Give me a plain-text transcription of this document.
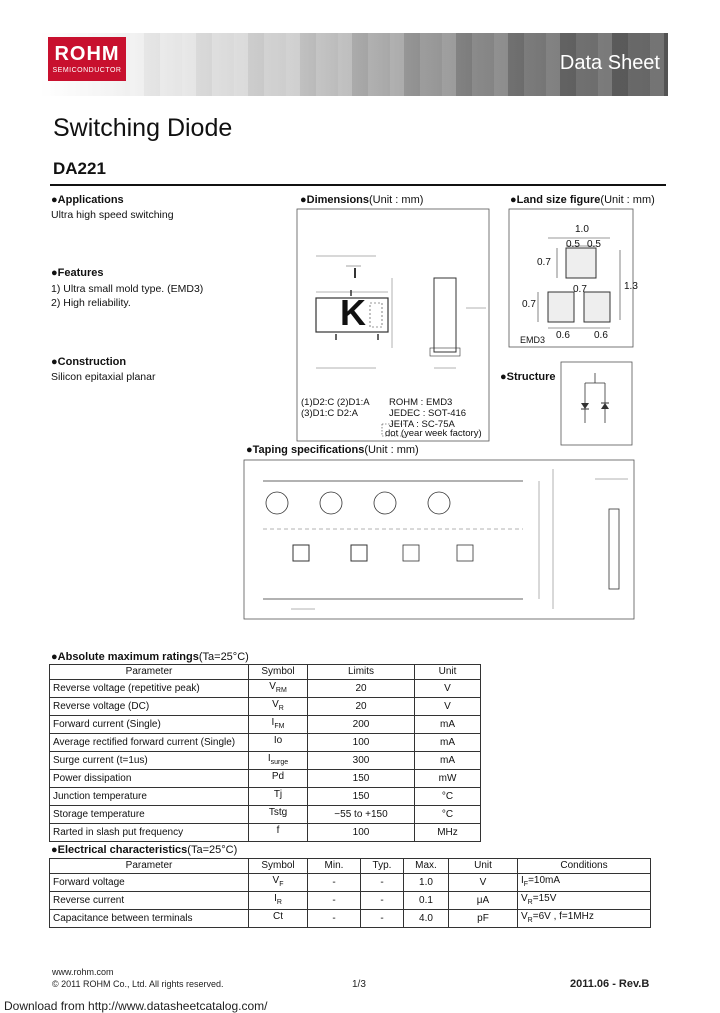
ROHM
SEMICONDUCTOR	Data Sheet
Switching Diode
DA221
●Applications
Ultra high speed switching
●Features
1) Ultra small mold type. (EMD3)
2) High reliability.
●Construction
Silicon epitaxial planar
●Dimensions(Unit : mm)
K
(1)D2:C (2)D1:A
(3)D1:C D2:A
ROHM : EMD3
JEDEC : SOT-416
JEITA : SC-75A
dot (year week factory)
●Land size figure(Unit : mm)
1.0
0.5 0.5
0.7
0.7
0.7
1.3
0.6 0.6
EMD3
●Structure
●Taping specifications(Unit : mm)
●Absolute maximum ratings(Ta=25°C)
Parameter	Symbol	Limits	Unit
Reverse voltage (repetitive peak)	$V_{RM}$	20	V
Reverse voltage (DC)	$V_R$	20	V
Forward current (Single)	$I_{FM}$	200	mA
Average rectified forward current (Single)	Io	100	mA
Surge current (t=1us)	$I_{surge}$	300	mA
Power dissipation	Pd	150	mW
Junction temperature	Tj	150	°C
Storage temperature	Tstg	−55 to +150	°C
Rarted in slash put frequency	f	100	MHz
●Electrical characteristics(Ta=25°C)
Parameter	Symbol	Min.	Typ.	Max.	Unit	Conditions
Forward voltage	$V_F$	-	-	1.0	V	$I_F=10mA$
Reverse current	$I_R$	-	-	0.1	μA	$V_R=15V$
Capacitance between terminals	Ct	-	-	4.0	pF	$V_R=6V$ , f=1MHz
www.rohm.com
© 2011 ROHM Co., Ltd. All rights reserved.	1/3	2011.06 - Rev.B
Download from http://www.datasheetcatalog.com/
